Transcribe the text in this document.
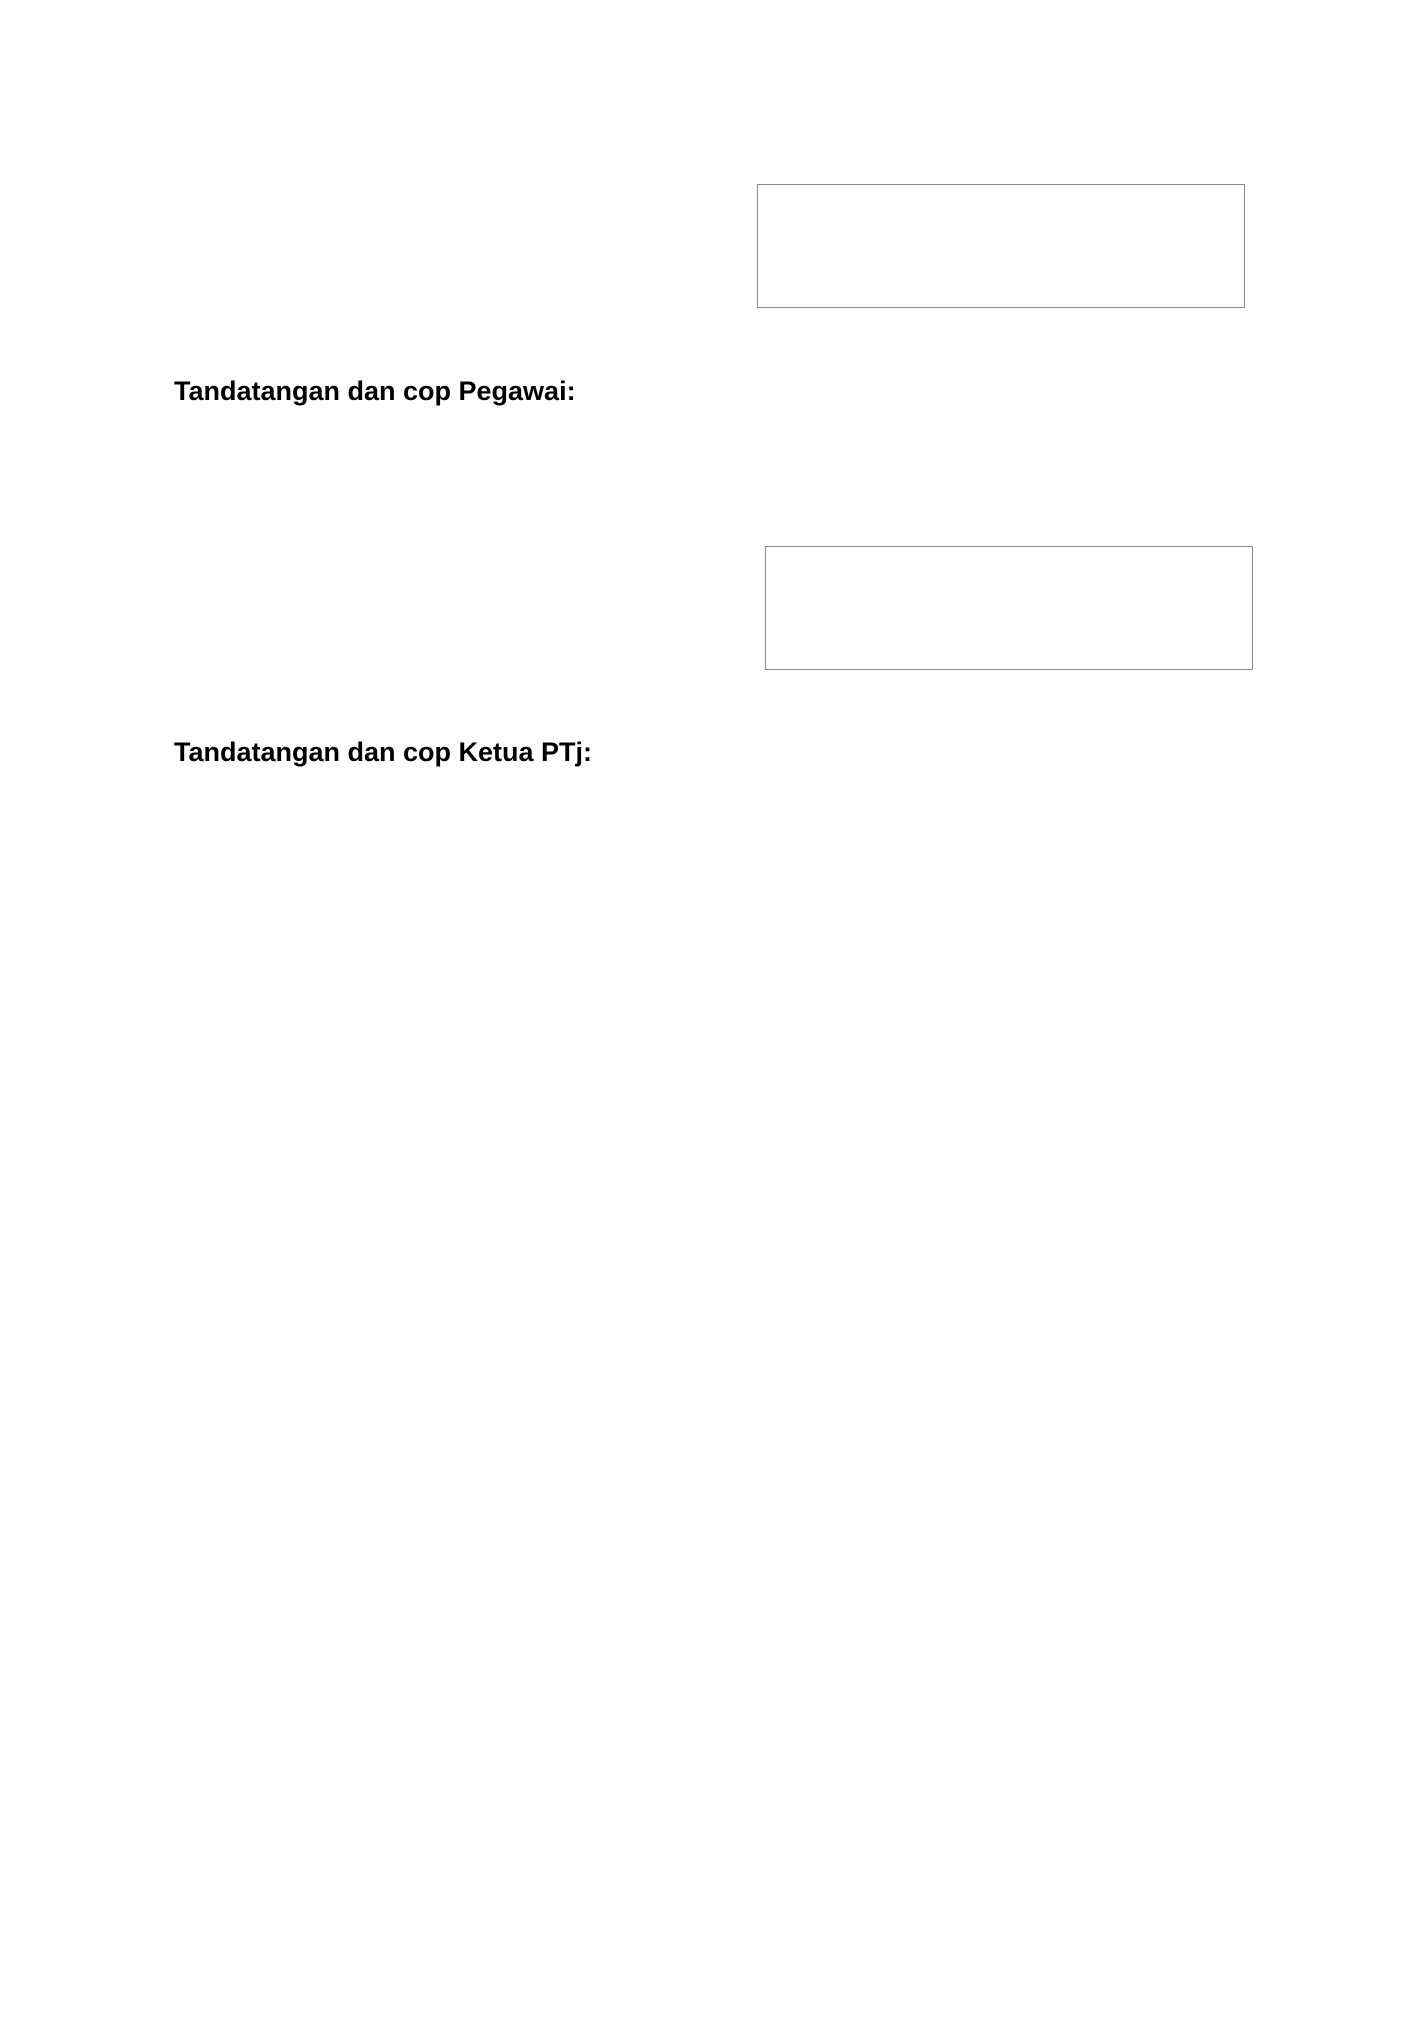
Tandatangan dan cop Pegawai:

Tandatangan dan cop Ketua PTj:
